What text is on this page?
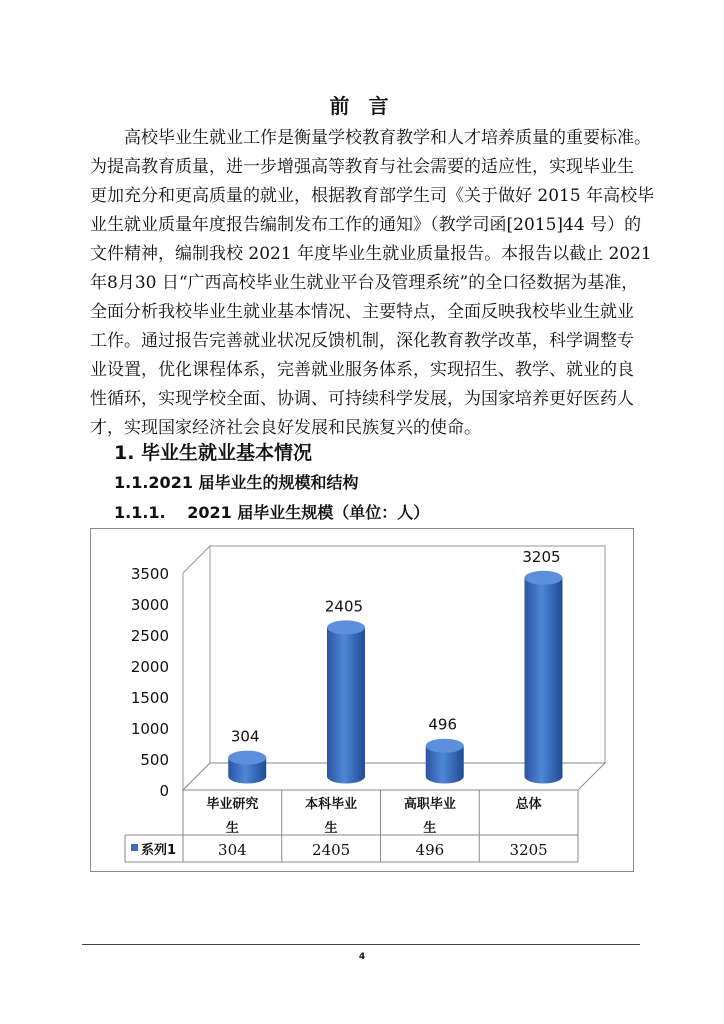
前 言
　　高校毕业生就业工作是衡量学校教育教学和人才培养质量的重要标准。
为提高教育质量，进一步增强高等教育与社会需要的适应性，实现毕业生
更加充分和更高质量的就业，根据教育部学生司《关于做好 2015 年高校毕
业生就业质量年度报告编制发布工作的通知》（教学司函[2015]44 号）的
文件精神，编制我校 2021 年度毕业生就业质量报告。本报告以截止 2021
年8月30 日“广西高校毕业生就业平台及管理系统”的全口径数据为基准，
全面分析我校毕业生就业基本情况、主要特点，全面反映我校毕业生就业
工作。通过报告完善就业状况反馈机制，深化教育教学改革，科学调整专
业设置，优化课程体系，完善就业服务体系，实现招生、教学、就业的良
性循环，实现学校全面、协调、可持续科学发展，为国家培养更好医药人
才，实现国家经济社会良好发展和民族复兴的使命。
1. 毕业生就业基本情况
1.1.2021 届毕业生的规模和结构
1.1.1.　 2021 届毕业生规模（单位：人）
0
500
1000
1500
2000
2500
3000
3500
304
2405
496
3205
毕业研究
生
304
本科毕业
生
2405
高职毕业
生
496
总体
3205
系列1
4
